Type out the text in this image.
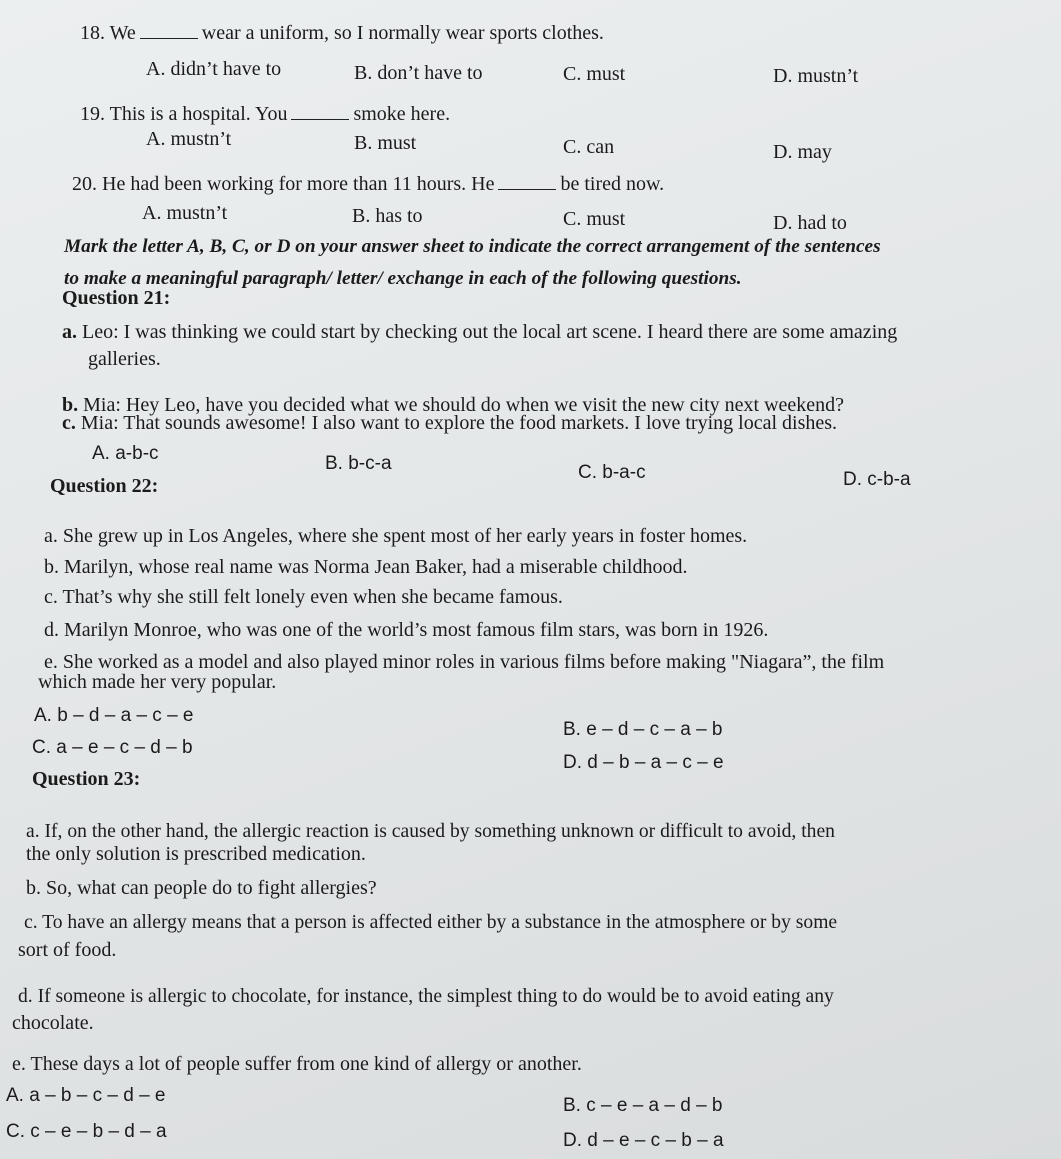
18. We	wear a uniform, so I normally wear sports clothes.
A. didn’t have to	B. don’t have to	C. must	D. mustn’t
19. This is a hospital. You	smoke here.
A. mustn’t	B. must	C. can	D. may
20. He had been working for more than 11 hours. He	be tired now.
A. mustn’t	B. has to	C. must	D. had to
Mark the letter A, B, C, or D on your answer sheet to indicate the correct arrangement of the sentences
to make a meaningful paragraph/ letter/ exchange in each of the following questions.
Question 21:
a. Leo: I was thinking we could start by checking out the local art scene. I heard there are some amazing
galleries.
b. Mia: Hey Leo, have you decided what we should do when we visit the new city next weekend?
c. Mia: That sounds awesome! I also want to explore the food markets. I love trying local dishes.
A. a-b-c	B. b-c-a	C. b-a-c	D. c-b-a
Question 22:
a. She grew up in Los Angeles, where she spent most of her early years in foster homes.
b. Marilyn, whose real name was Norma Jean Baker, had a miserable childhood.
c. That’s why she still felt lonely even when she became famous.
d. Marilyn Monroe, who was one of the world’s most famous film stars, was born in 1926.
e. She worked as a model and also played minor roles in various films before making "Niagara”, the film
which made her very popular.
A. b – d – a – c – e
B. e – d – c – a – b
C. a – e – c – d – b
D. d – b – a – c – e
Question 23:
a. If, on the other hand, the allergic reaction is caused by something unknown or difficult to avoid, then
the only solution is prescribed medication.
b. So, what can people do to fight allergies?
c. To have an allergy means that a person is affected either by a substance in the atmosphere or by some
sort of food.
d. If someone is allergic to chocolate, for instance, the simplest thing to do would be to avoid eating any
chocolate.
e. These days a lot of people suffer from one kind of allergy or another.
A. a – b – c – d – e	B. c – e – a – d – b
C. c – e – b – d – a	D. d – e – c – b – a
